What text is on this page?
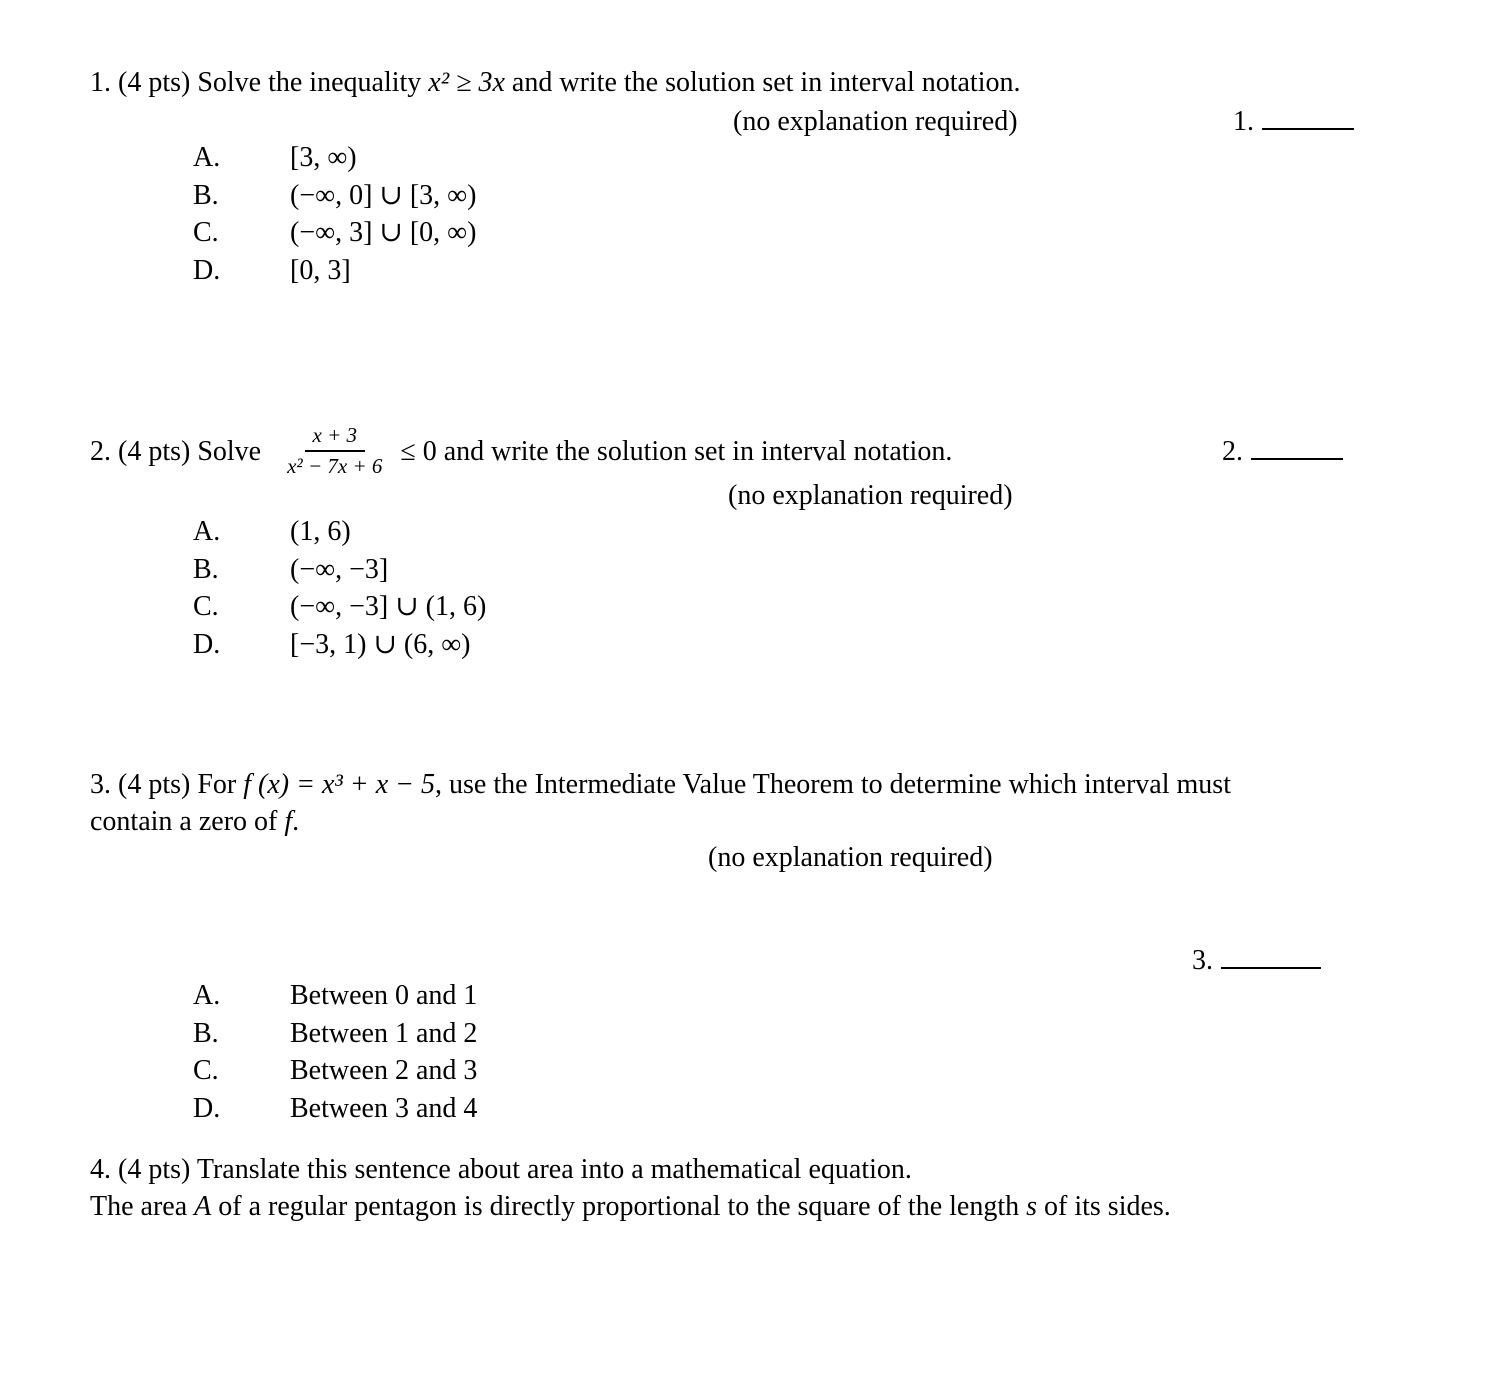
1. (4 pts) Solve the inequality x² ≥ 3x and write the solution set in interval notation.
(no explanation required)	1.
A.	[3, ∞)
B.	(−∞, 0] ∪ [3, ∞)
C.	(−∞, 3] ∪ [0, ∞)
D.	[0, 3]
2. (4 pts) Solve $\frac{x + 3}{\text{x² − 7x + 6}} \le 0$ and write the solution set in interval notation.	2.
(no explanation required)
A.	(1, 6)
B.	(−∞, −3]
C.	(−∞, −3] ∪ (1, 6)
D.	[−3, 1) ∪ (6, ∞)
3. (4 pts) For f (x) = x³ + x − 5, use the Intermediate Value Theorem to determine which interval must
contain a zero of f.
(no explanation required)
3.
A.	Between 0 and 1
B.	Between 1 and 2
C.	Between 2 and 3
D.	Between 3 and 4
4. (4 pts) Translate this sentence about area into a mathematical equation.
The area A of a regular pentagon is directly proportional to the square of the length s of its sides.
